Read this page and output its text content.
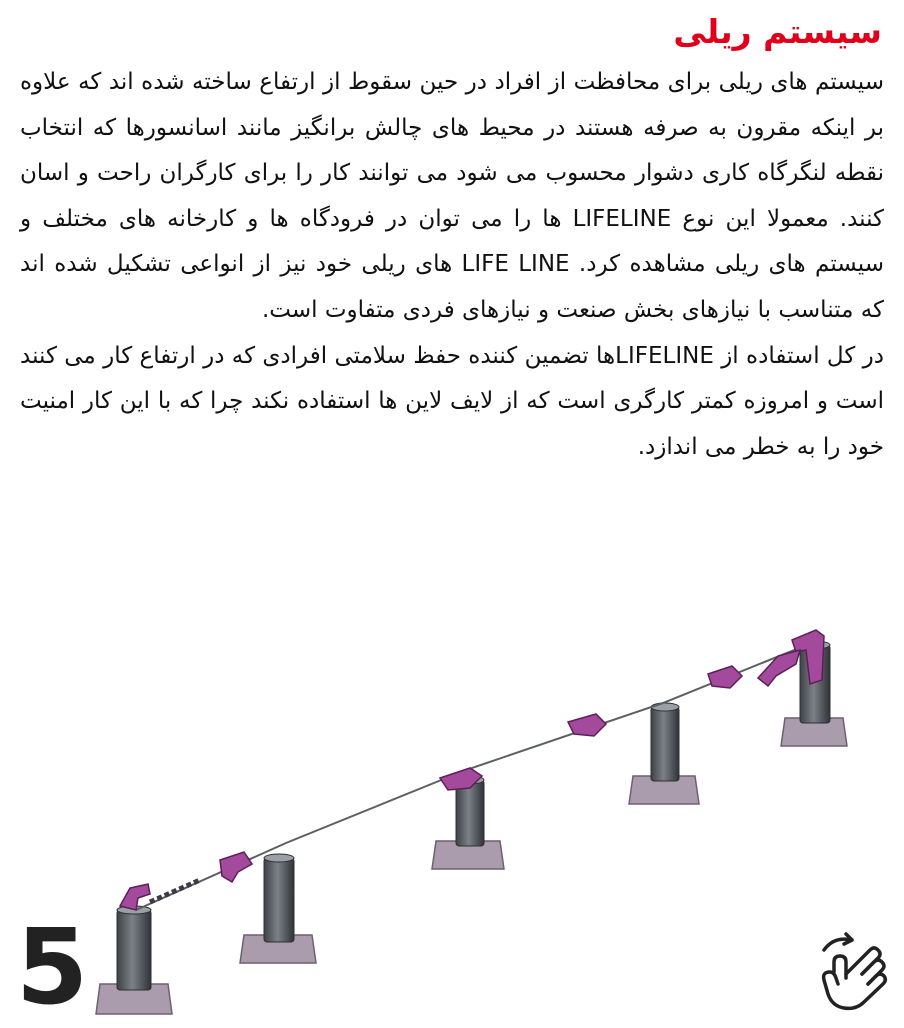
سیستم ریلی

سیستم های ریلی برای محافظت از افراد در حین سقوط از ارتفاع ساخته شده اند که علاوه بر اینکه مقرون به صرفه هستند در محیط های چالش برانگیز مانند اسانسورها که انتخاب نقطه لنگرگاه کاری دشوار محسوب می شود می توانند کار را برای کارگران راحت و اسان کنند. معمولا این نوع LIFELINE ها را می توان در فرودگاه ها و کارخانه های مختلف و سیستم های ریلی مشاهده کرد. LIFE LINE های ریلی خود نیز از انواعی تشکیل شده اند که متناسب با نیازهای بخش صنعت و نیازهای فردی متفاوت است.

در کل استفاده از LIFELINEها تضمین کننده حفظ سلامتی افرادی که در ارتفاع کار می کنند است و امروزه کمتر کارگری است که از لایف لاین ها استفاده نکند چرا که با این کار امنیت خود را به خطر می اندازد.

5
